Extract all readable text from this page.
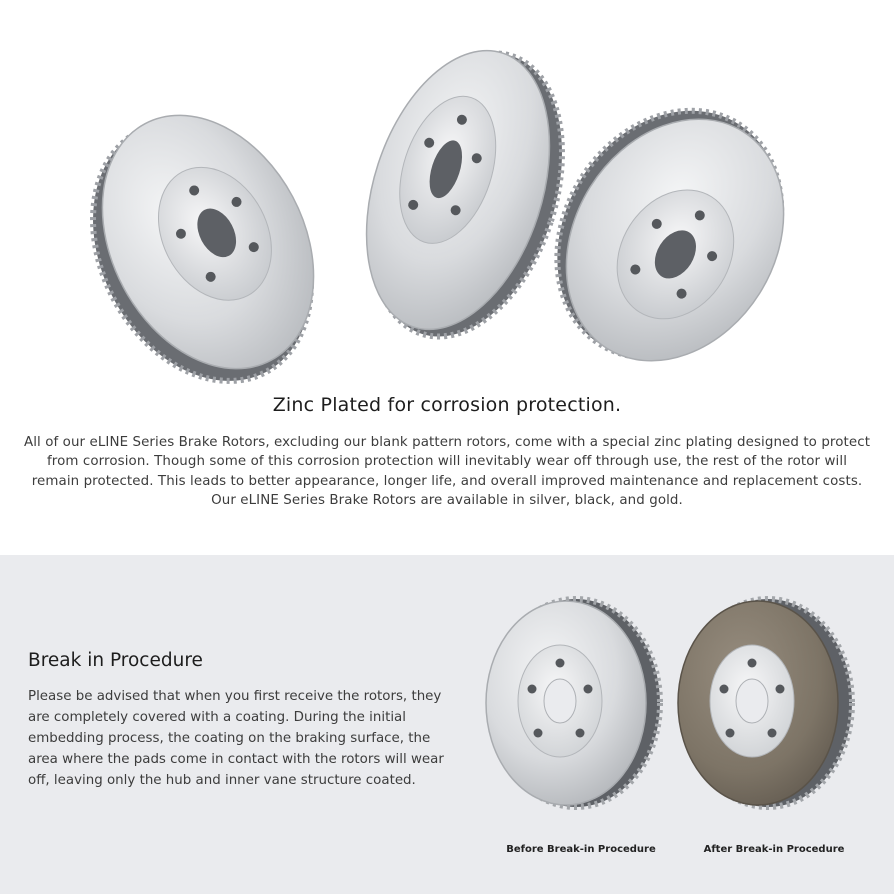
Zinc Plated for corrosion protection.
All of our eLINE Series Brake Rotors, excluding our blank pattern rotors, come with a special zinc plating designed to protect from corrosion. Though some of this corrosion protection will inevitably wear off through use, the rest of the rotor will remain protected. This leads to better appearance, longer life, and overall improved maintenance and replacement costs. Our eLINE Series Brake Rotors are available in silver, black, and gold.
Break in Procedure
Please be advised that when you first receive the rotors, they are completely covered with a coating. During the initial embedding process, the coating on the braking surface, the area where the pads come in contact with the rotors will wear off, leaving only the hub and inner vane structure coated.
Before Break-in Procedure	After Break-in Procedure
